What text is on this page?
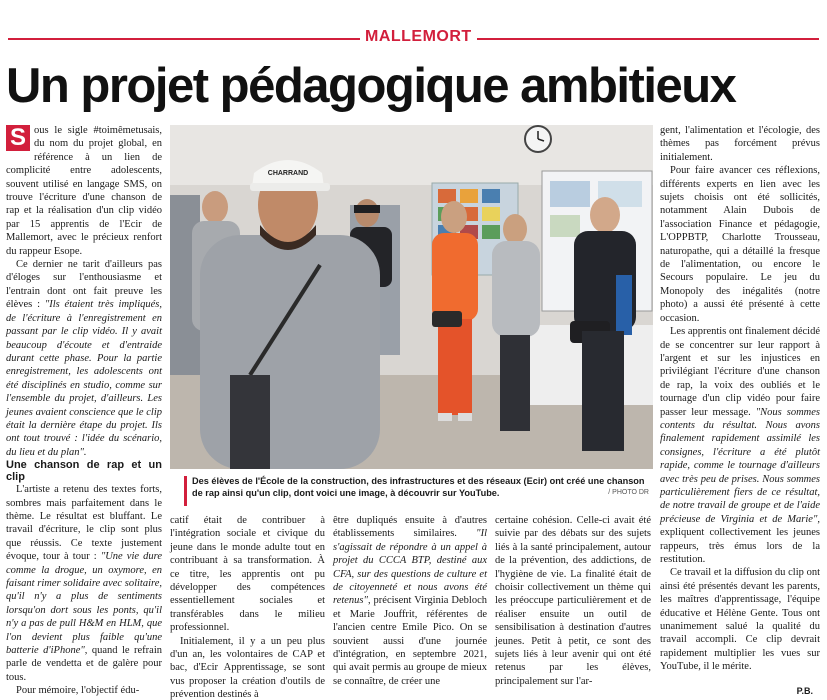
MALLEMORT
Un projet pédagogique ambitieux

S ous le sigle #toimêmetusais, du nom du projet global, en référence à un lien de complicité entre adolescents, souvent utilisé en langage SMS, on trouve l'écriture d'une chanson de rap et la réalisation d'un clip vidéo par 15 apprentis de l'Ecir de Mallemort, avec le précieux renfort du rappeur Esope.

Ce dernier ne tarit d'ailleurs pas d'éloges sur l'enthousiasme et l'entrain dont ont fait preuve les élèves : "Ils étaient très impliqués, de l'écriture à l'enregistrement en passant par le clip vidéo. Il y avait beaucoup d'écoute et d'entraide durant cette phase. Pour la partie enregistrement, les adolescents ont été disciplinés en studio, comme sur l'ensemble du projet, d'ailleurs. Les jeunes avaient conscience que le clip était la dernière étape du projet. Ils ont tout trouvé : l'idée du scénario, du lieu et du plan".

Une chanson de rap et un clip

L'artiste a retenu des textes forts, sombres mais parfaitement dans le thème. Le résultat est bluffant. Le travail d'écriture, le clip sont plus que réussis. Ce texte justement évoque, tour à tour : "Une vie dure comme la drogue, un oxymore, en faisant rimer solidaire avec solitaire, qu'il n'y a plus de sentiments lorsqu'on dort sous les ponts, qu'il n'y a pas de pull H&M en HLM, que l'on devient plus faible qu'une batterie d'iPhone", quand le refrain parle de vendetta et de galère pour tous.

Pour mémoire, l'objectif édu-

CHARRAND
Des élèves de l'École de la construction, des infrastructures et des réseaux (Ecir) ont créé une chanson de rap ainsi qu'un clip, dont voici une image, à découvrir sur YouTube.	/ PHOTO DR

catif était de contribuer à l'intégration sociale et civique du jeune dans le monde adulte tout en contribuant à sa transformation. À ce titre, les apprentis ont pu développer des compétences essentiellement sociales et transférables dans le milieu professionnel.

Initialement, il y a un peu plus d'un an, les volontaires de CAP et bac, d'Ecir Apprentissage, se sont vus proposer la création d'outils de prévention destinés à

être dupliqués ensuite à d'autres établissements similaires. "Il s'agissait de répondre à un appel à projet du CCCA BTP, destiné aux CFA, sur des questions de culture et de citoyenneté et nous avons été retenus", précisent Virginia Debloch et Marie Jouffrit, référentes de l'ancien centre Emile Pico. On se souvient aussi d'une journée d'intégration, en septembre 2021, qui avait permis au groupe de mieux se connaître, de créer une

certaine cohésion. Celle-ci avait été suivie par des débats sur des sujets liés à la santé principalement, autour de la prévention, des addictions, de l'hygiène de vie. La finalité était de choisir collectivement un thème qui les préoccupe particulièrement et de réaliser ensuite un outil de sensibilisation à destination d'autres jeunes. Petit à petit, ce sont des sujets liés à leur avenir qui ont été retenus par les élèves, principalement sur l'ar-

gent, l'alimentation et l'écologie, des thèmes pas forcément prévus initialement.

Pour faire avancer ces réflexions, différents experts en lien avec les sujets choisis ont été sollicités, notamment Alain Dubois de l'association Finance et pédagogie, L'OPPBTP, Charlotte Trousseau, naturopathe, qui a détaillé la fresque de l'alimentation, ou encore le Secours populaire. Le jeu du Monopoly des inégalités (notre photo) a aussi été présenté à cette occasion.

Les apprentis ont finalement décidé de se concentrer sur leur rapport à l'argent et sur les injustices en privilégiant l'écriture d'une chanson de rap, la voix des oubliés et le tournage d'un clip vidéo pour faire passer leur message. "Nous sommes contents du résultat. Nous avons finalement rapidement assimilé les consignes, l'écriture a été plutôt rapide, comme le tournage d'ailleurs avec très peu de prises. Nous sommes particulièrement fiers de ce résultat, de notre travail de groupe et de l'aide précieuse de Virginia et de Marie", expliquent collectivement les jeunes rappeurs, très émus lors de la restitution.

Ce travail et la diffusion du clip ont ainsi été présentés devant les parents, les maîtres d'apprentissage, l'équipe éducative et Hélène Gente. Tous ont unanimement salué la qualité du travail accompli. Ce clip devrait rapidement multiplier les vues sur YouTube, il le mérite.

P.B.
